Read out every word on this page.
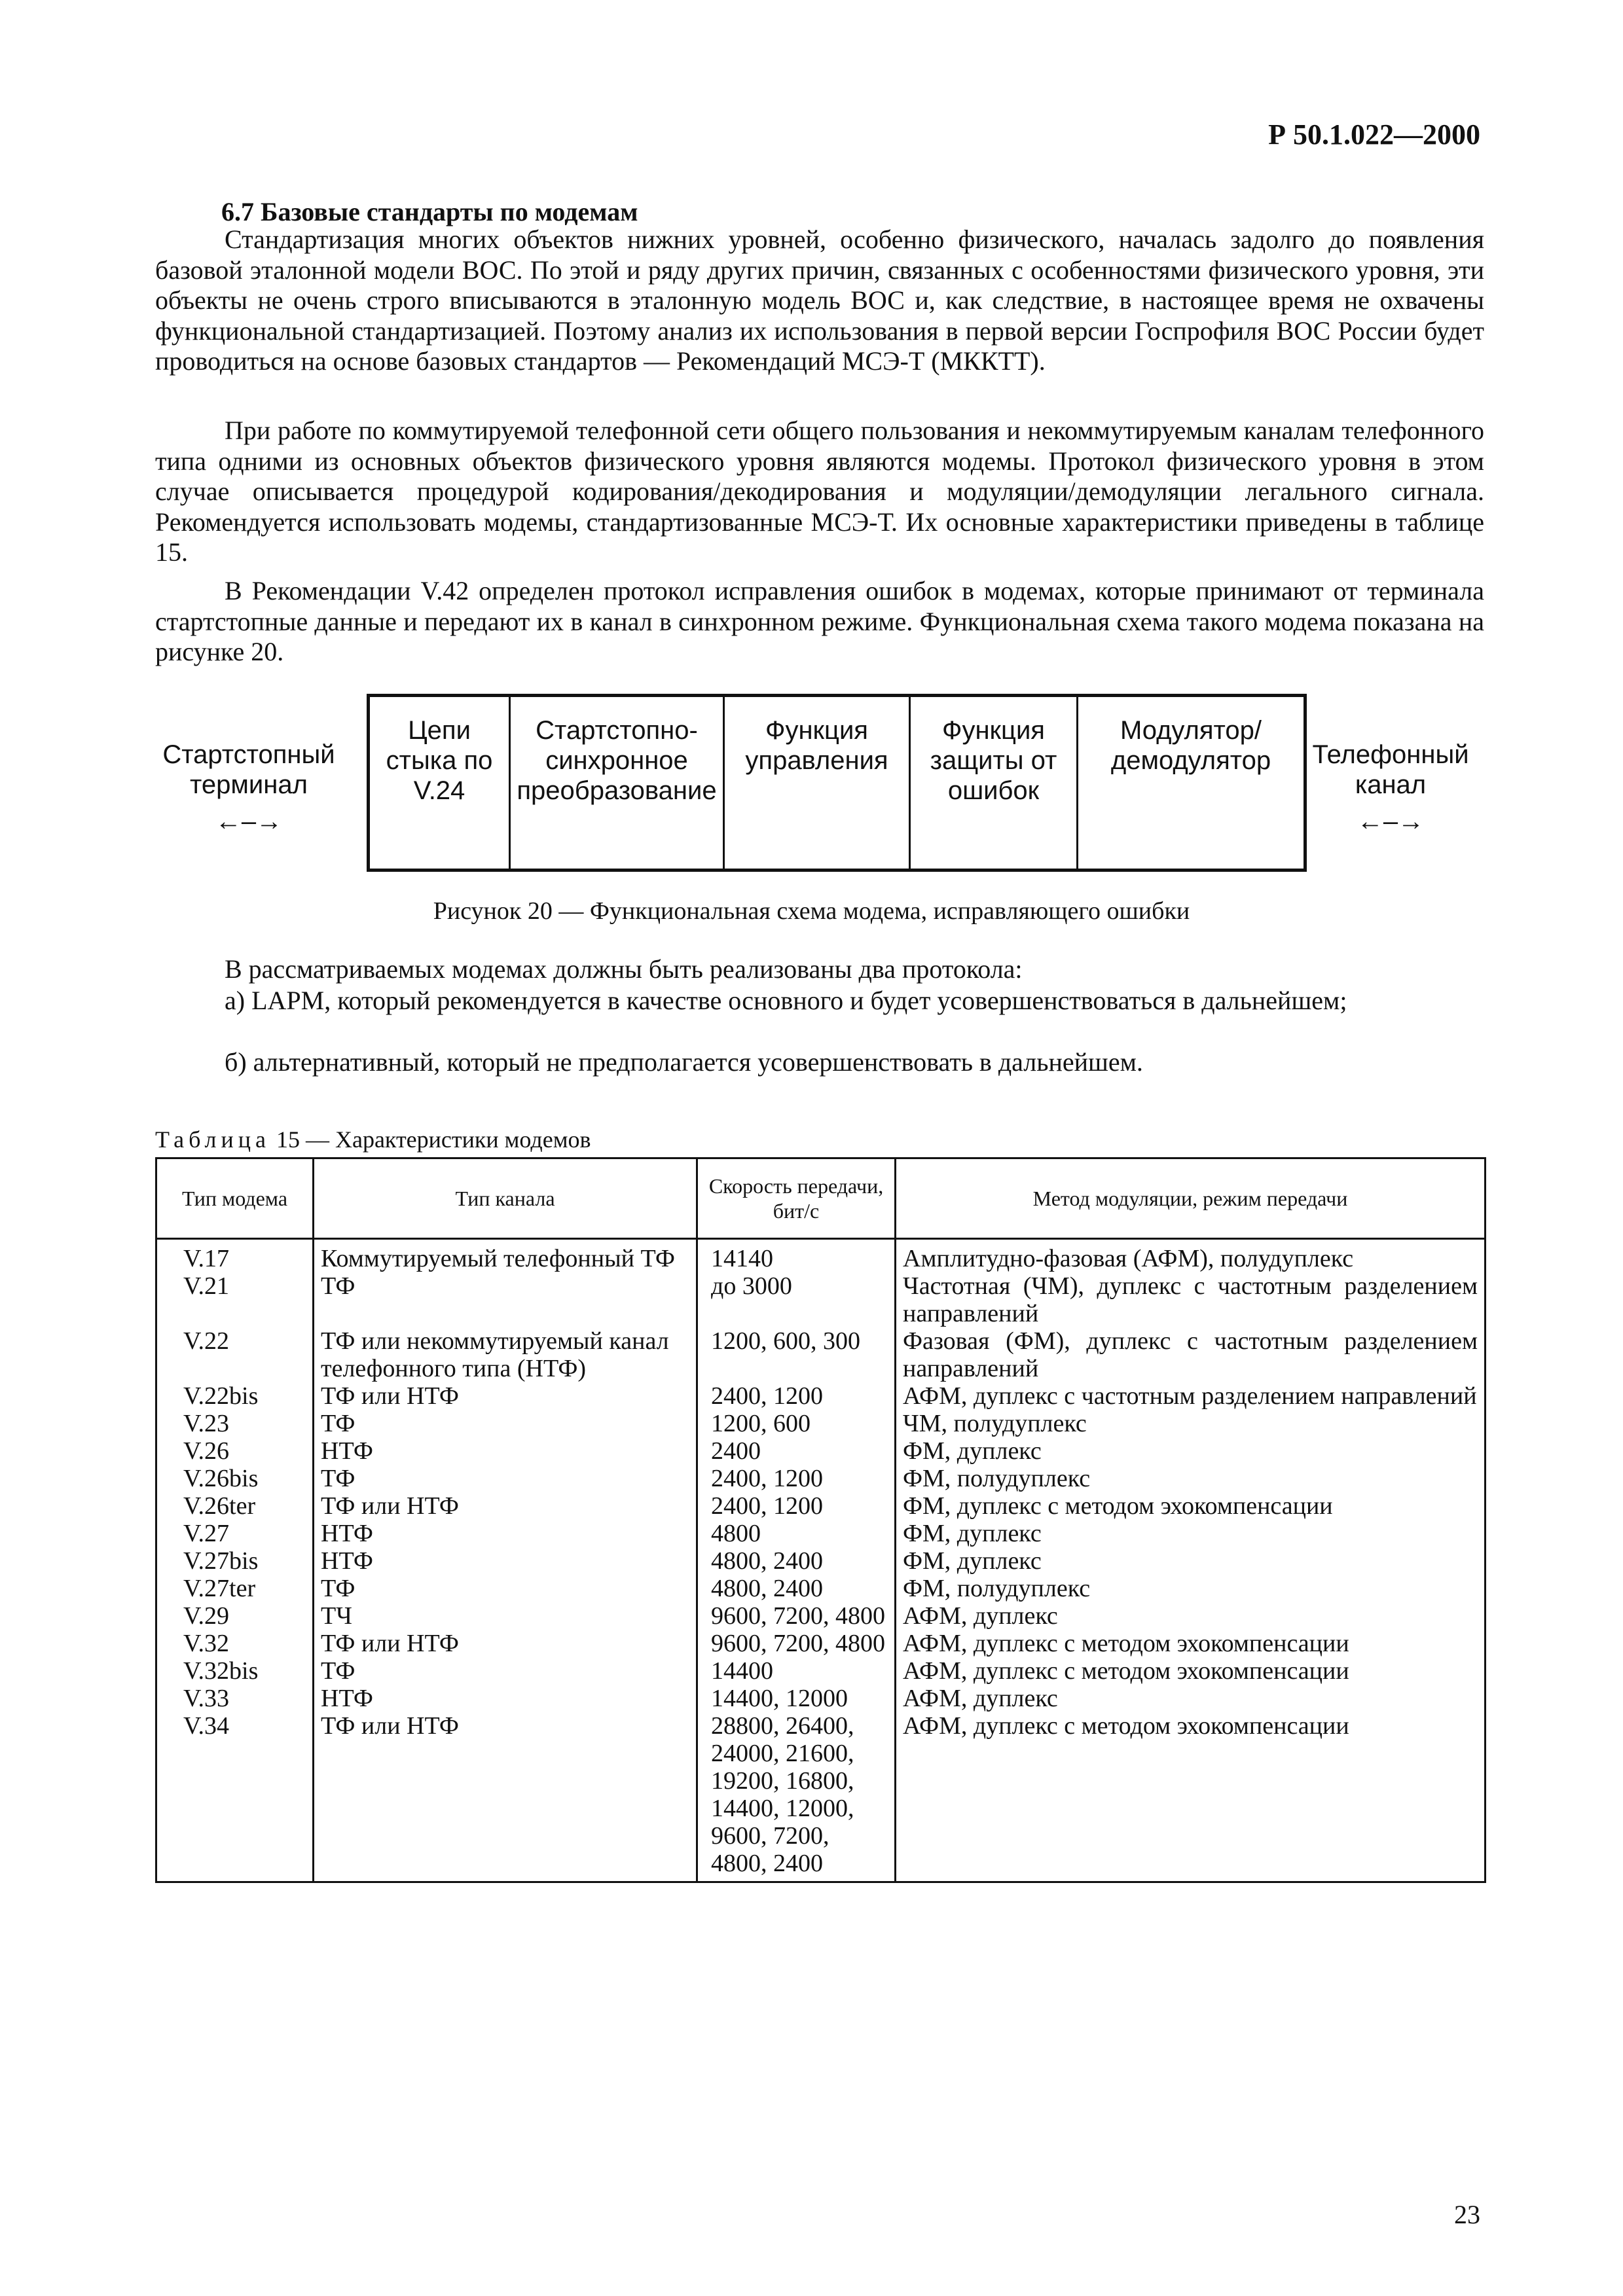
Р 50.1.022—2000
6.7 Базовые стандарты по модемам

Стандартизация многих объектов нижних уровней, особенно физического, началась задолго до появления базовой эталонной модели ВОС. По этой и ряду других причин, связанных с особенностями физического уровня, эти объекты не очень строго вписываются в эталонную модель ВОС и, как следствие, в настоящее время не охвачены функциональной стандартизацией. Поэтому анализ их использования в первой версии Госпрофиля ВОС России будет проводиться на основе базовых стандартов — Рекомендаций МСЭ-Т (МККТТ).

При работе по коммутируемой телефонной сети общего пользования и некоммутируемым каналам телефонного типа одними из основных объектов физического уровня являются модемы. Протокол физического уровня в этом случае описывается процедурой кодирования/декодирования и модуляции/демодуляции легального сигнала. Рекомендуется использовать модемы, стандартизованные МСЭ-Т. Их основные характеристики приведены в таблице 15.

В Рекомендации V.42 определен протокол исправления ошибок в модемах, которые принимают от терминала стартстопные данные и передают их в канал в синхронном режиме. Функциональная схема такого модема показана на рисунке 20.

Стартстопный терминал
←–→
Цепи стыка по V.24
Стартстопно-синхронное преобразование
Функция управления
Функция защиты от ошибок
Модулятор/ демодулятор	Телефонный канал
←–→
Рисунок 20 — Функциональная схема модема, исправляющего ошибки

В рассматриваемых модемах должны быть реализованы два протокола:

а) LAPM, который рекомендуется в качестве основного и будет усовершенствоваться в дальнейшем;

б) альтернативный, который не предполагается усовершенствовать в дальнейшем.

Таблица 15 — Характеристики модемов
Тип модема	Тип канала	Скорость передачи, бит/с	Метод модуляции, режим передачи
V.17	Коммутируемый телефонный ТФ	14140	Амплитудно-фазовая (АФМ), полудуплекс
V.21	ТФ	до 3000	Частотная (ЧМ), дуплекс с частотным разделением направлений
V.22	ТФ или некоммутируемый канал телефонного типа (НТФ)	1200, 600, 300	Фазовая (ФМ), дуплекс с частотным разделением направлений
V.22bis	ТФ или НТФ	2400, 1200	АФМ, дуплекс с частотным разделением направлений
V.23	ТФ	1200, 600	ЧМ, полудуплекс
V.26	НТФ	2400	ФМ, дуплекс
V.26bis	ТФ	2400, 1200	ФМ, полудуплекс
V.26ter	ТФ или НТФ	2400, 1200	ФМ, дуплекс с методом эхокомпенсации
V.27	НТФ	4800	ФМ, дуплекс
V.27bis	НТФ	4800, 2400	ФМ, дуплекс
V.27ter	ТФ	4800, 2400	ФМ, полудуплекс
V.29	ТЧ	9600, 7200, 4800	АФМ, дуплекс
V.32	ТФ или НТФ	9600, 7200, 4800	АФМ, дуплекс с методом эхокомпенсации
V.32bis	ТФ	14400	АФМ, дуплекс с методом эхокомпенсации
V.33	НТФ	14400, 12000	АФМ, дуплекс
V.34	ТФ или НТФ	28800, 26400, 24000, 21600, 19200, 16800, 14400, 12000, 9600, 7200, 4800, 2400	АФМ, дуплекс с методом эхокомпенсации
23
